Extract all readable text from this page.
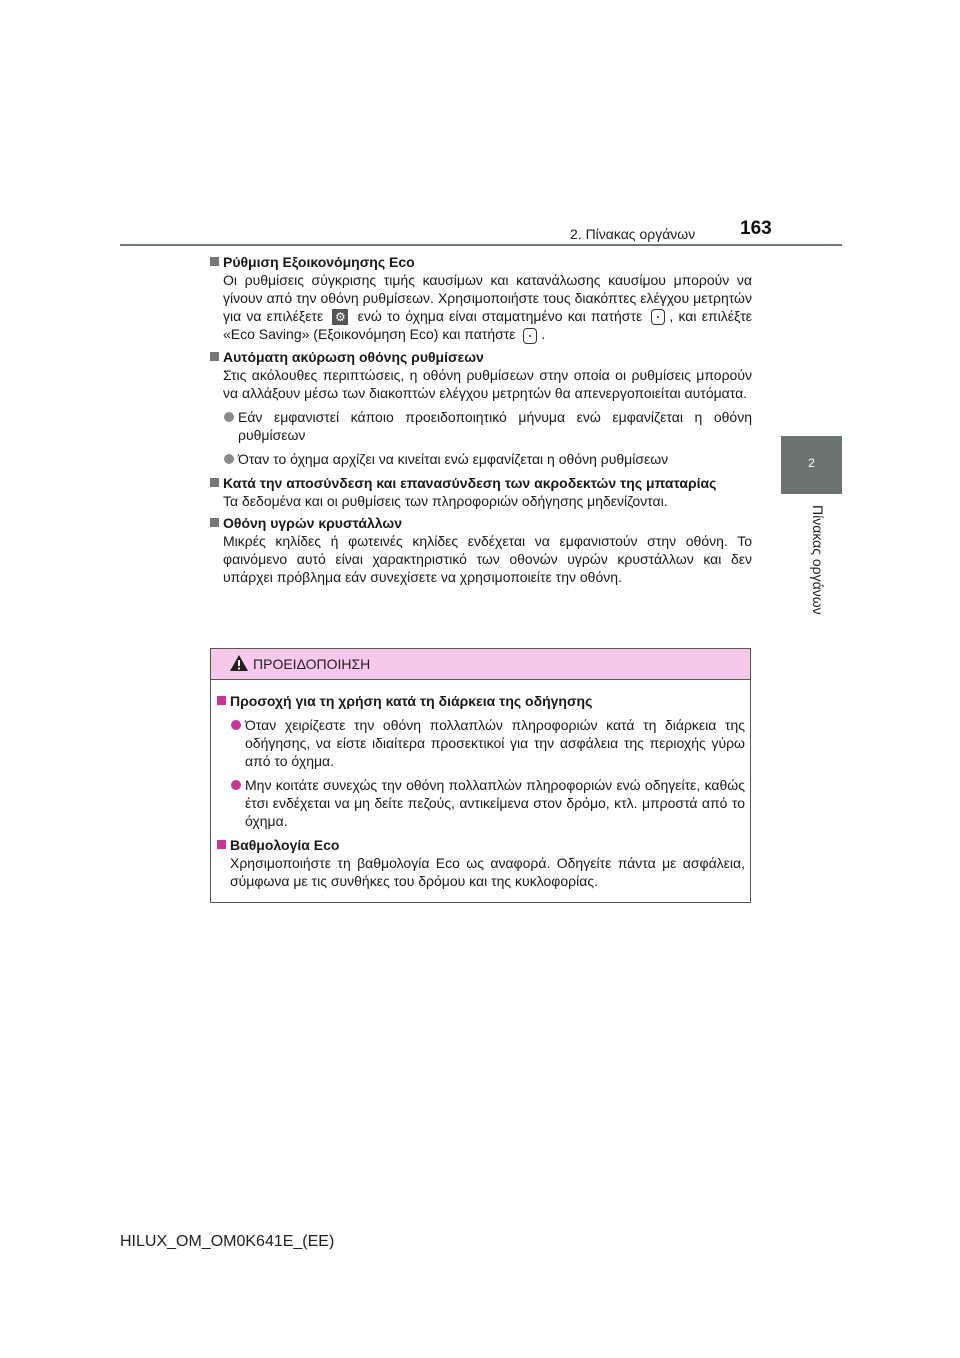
2. Πίνακας οργάνων 163
2
Πίνακας οργάνων
Ρύθμιση Εξοικονόμησης Eco
Οι ρυθμίσεις σύγκρισης τιμής καυσίμων και κατανάλωσης καυσίμου μπορούν να γίνουν από την οθόνη ρυθμίσεων. Χρησιμοποιήστε τους διακόπτες ελέγχου μετρητών για να επιλέξετε ⚙ ενώ το όχημα είναι σταματημένο και πατήστε , και επιλέξτε «Eco Saving» (Εξοικονόμηση Eco) και πατήστε .
Αυτόματη ακύρωση οθόνης ρυθμίσεων
Στις ακόλουθες περιπτώσεις, η οθόνη ρυθμίσεων στην οποία οι ρυθμίσεις μπορούν να αλλάξουν μέσω των διακοπτών ελέγχου μετρητών θα απενεργοποιείται αυτόματα.
Εάν εμφανιστεί κάποιο προειδοποιητικό μήνυμα ενώ εμφανίζεται η οθόνη ρυθμίσεων
Όταν το όχημα αρχίζει να κινείται ενώ εμφανίζεται η οθόνη ρυθμίσεων
Κατά την αποσύνδεση και επανασύνδεση των ακροδεκτών της μπαταρίας
Τα δεδομένα και οι ρυθμίσεις των πληροφοριών οδήγησης μηδενίζονται.
Οθόνη υγρών κρυστάλλων
Μικρές κηλίδες ή φωτεινές κηλίδες ενδέχεται να εμφανιστούν στην οθόνη. Το φαινόμενο αυτό είναι χαρακτηριστικό των οθονών υγρών κρυστάλλων και δεν υπάρχει πρόβλημα εάν συνεχίσετε να χρησιμοποιείτε την οθόνη.
ΠΡΟΕΙΔΟΠΟΙΗΣΗ
Προσοχή για τη χρήση κατά τη διάρκεια της οδήγησης
Όταν χειρίζεστε την οθόνη πολλαπλών πληροφοριών κατά τη διάρκεια της οδήγησης, να είστε ιδιαίτερα προσεκτικοί για την ασφάλεια της περιοχής γύρω από το όχημα.
Μην κοιτάτε συνεχώς την οθόνη πολλαπλών πληροφοριών ενώ οδηγείτε, καθώς έτσι ενδέχεται να μη δείτε πεζούς, αντικείμενα στον δρόμο, κτλ. μπροστά από το όχημα.
Βαθμολογία Eco
Χρησιμοποιήστε τη βαθμολογία Eco ως αναφορά. Οδηγείτε πάντα με ασφάλεια, σύμφωνα με τις συνθήκες του δρόμου και της κυκλοφορίας.
HILUX_OM_OM0K641E_(EE)
